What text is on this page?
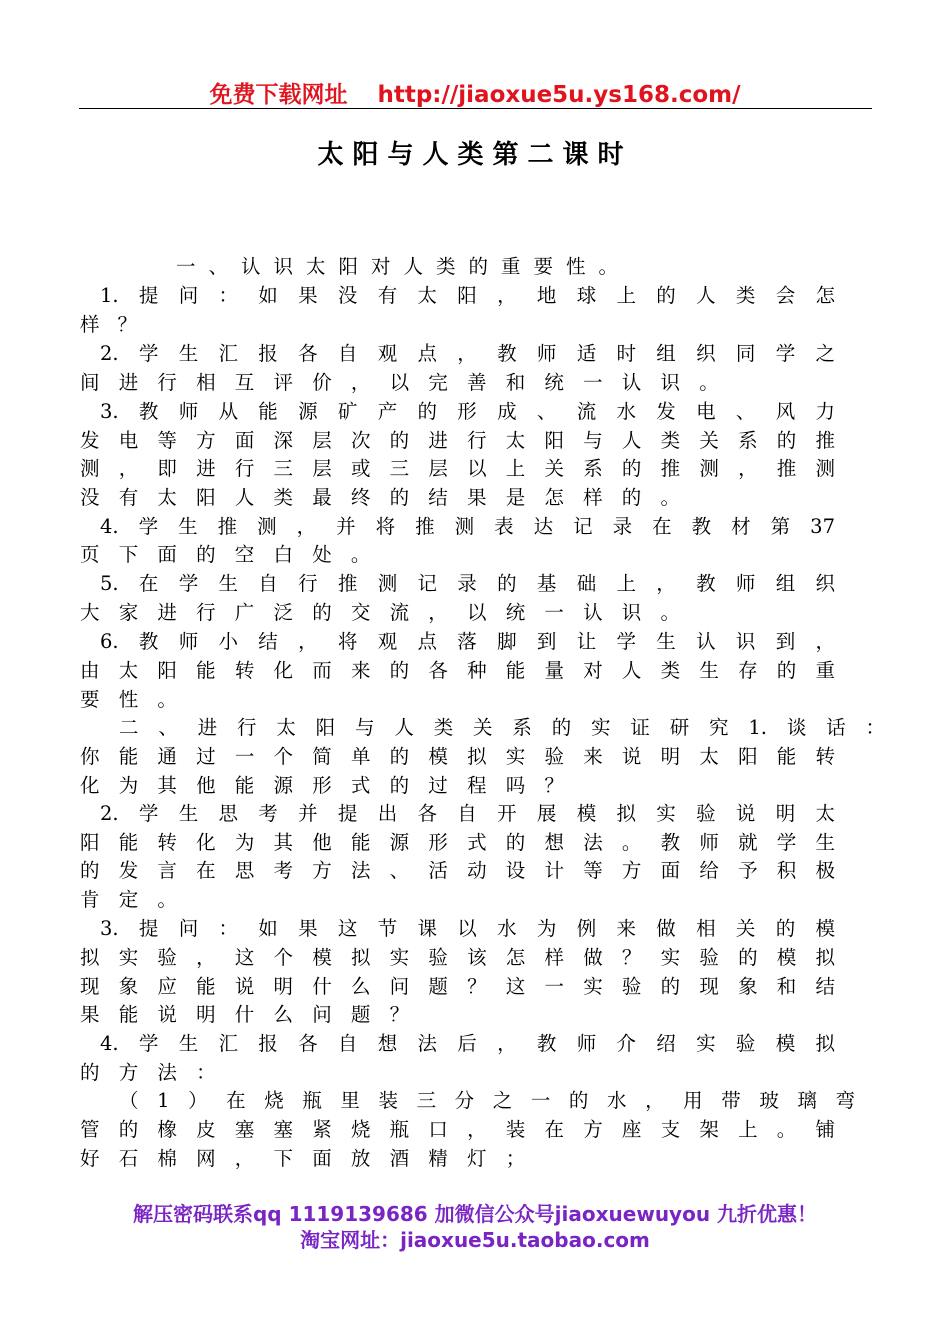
免费下载网址 http://jiaoxue5u.ys168.com/
太阳与人类第二课时
一、认识太阳对人类的重要性。
1.提问：如果没有太阳，地球上的人类会怎
样？
2.学生汇报各自观点，教师适时组织同学之
间进行相互评价，以完善和统一认识。
3.教师从能源矿产的形成、流水发电、风力
发电等方面深层次的进行太阳与人类关系的推
测，即进行三层或三层以上关系的推测，推测
没有太阳人类最终的结果是怎样的。
4.学生推测，并将推测表达记录在教材第37
页下面的空白处。
5.在学生自行推测记录的基础上，教师组织
大家进行广泛的交流，以统一认识。
6.教师小结，将观点落脚到让学生认识到，
由太阳能转化而来的各种能量对人类生存的重
要性。
二、进行太阳与人类关系的实证研究1.谈话：
你能通过一个简单的模拟实验来说明太阳能转
化为其他能源形式的过程吗？
2.学生思考并提出各自开展模拟实验说明太
阳能转化为其他能源形式的想法。教师就学生
的发言在思考方法、活动设计等方面给予积极
肯定。
3.提问：如果这节课以水为例来做相关的模
拟实验，这个模拟实验该怎样做？实验的模拟
现象应能说明什么问题？这一实验的现象和结
果能说明什么问题？
4.学生汇报各自想法后，教师介绍实验模拟
的方法：
（1）在烧瓶里装三分之一的水，用带玻璃弯
管的橡皮塞塞紧烧瓶口，装在方座支架上。铺
好石棉网，下面放酒精灯；
解压密码联系qq 1119139686 加微信公众号jiaoxuewuyou 九折优惠！
淘宝网址：jiaoxue5u.taobao.com
